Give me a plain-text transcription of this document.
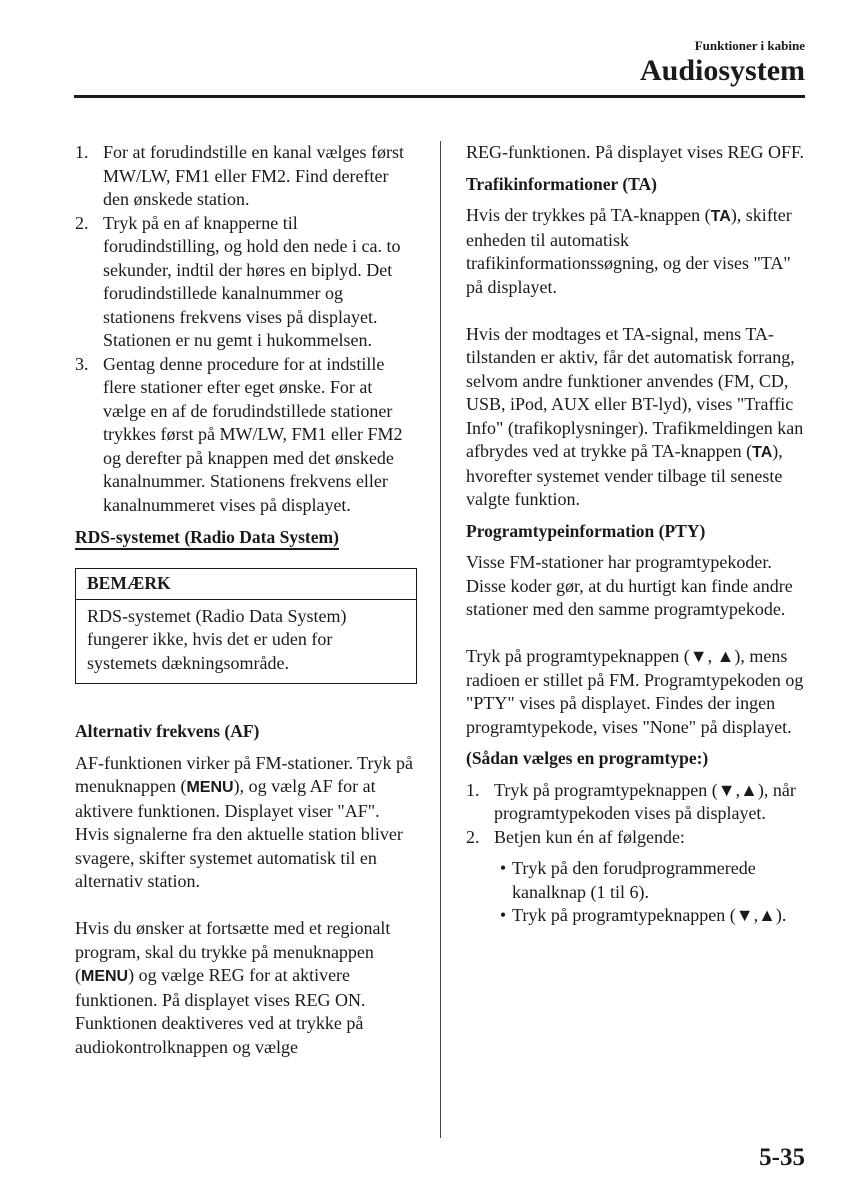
Funktioner i kabine
Audiosystem
1. For at forudindstille en kanal vælges først MW/LW, FM1 eller FM2. Find derefter den ønskede station.
2. Tryk på en af knapperne til forudindstilling, og hold den nede i ca. to sekunder, indtil der høres en biplyd. Det forudindstillede kanalnummer og stationens frekvens vises på displayet. Stationen er nu gemt i hukommelsen.
3. Gentag denne procedure for at indstille flere stationer efter eget ønske. For at vælge en af de forudindstillede stationer trykkes først på MW/LW, FM1 eller FM2 og derefter på knappen med det ønskede kanalnummer. Stationens frekvens eller kanalnummeret vises på displayet.
RDS-systemet (Radio Data System)
BEMÆRK
RDS-systemet (Radio Data System) fungerer ikke, hvis det er uden for systemets dækningsområde.

Alternativ frekvens (AF)

AF-funktionen virker på FM-stationer. Tryk på menuknappen (MENU), og vælg AF for at aktivere funktionen. Displayet viser "AF". Hvis signalerne fra den aktuelle station bliver svagere, skifter systemet automatisk til en alternativ station.

Hvis du ønsker at fortsætte med et regionalt program, skal du trykke på menuknappen (MENU) og vælge REG for at aktivere funktionen. På displayet vises REG ON. Funktionen deaktiveres ved at trykke på audiokontrolknappen og vælge

REG-funktionen. På displayet vises REG OFF.

Trafikinformationer (TA)

Hvis der trykkes på TA-knappen (TA), skifter enheden til automatisk trafikinformationssøgning, og der vises "TA" på displayet.

Hvis der modtages et TA-signal, mens TA-tilstanden er aktiv, får det automatisk forrang, selvom andre funktioner anvendes (FM, CD, USB, iPod, AUX eller BT-lyd), vises "Traffic Info" (trafikoplysninger). Trafikmeldingen kan afbrydes ved at trykke på TA-knappen (TA), hvorefter systemet vender tilbage til seneste valgte funktion.

Programtypeinformation (PTY)

Visse FM-stationer har programtypekoder. Disse koder gør, at du hurtigt kan finde andre stationer med den samme programtypekode.

Tryk på programtypeknappen (▼, ▲), mens radioen er stillet på FM. Programtypekoden og "PTY" vises på displayet. Findes der ingen programtypekode, vises "None" på displayet.

(Sådan vælges en programtype:)

1. Tryk på programtypeknappen (▼,▲), når programtypekoden vises på displayet.
2. Betjen kun én af følgende:
• Tryk på den forudprogrammerede kanalknap (1 til 6).
• Tryk på programtypeknappen (▼,▲).
5-35
